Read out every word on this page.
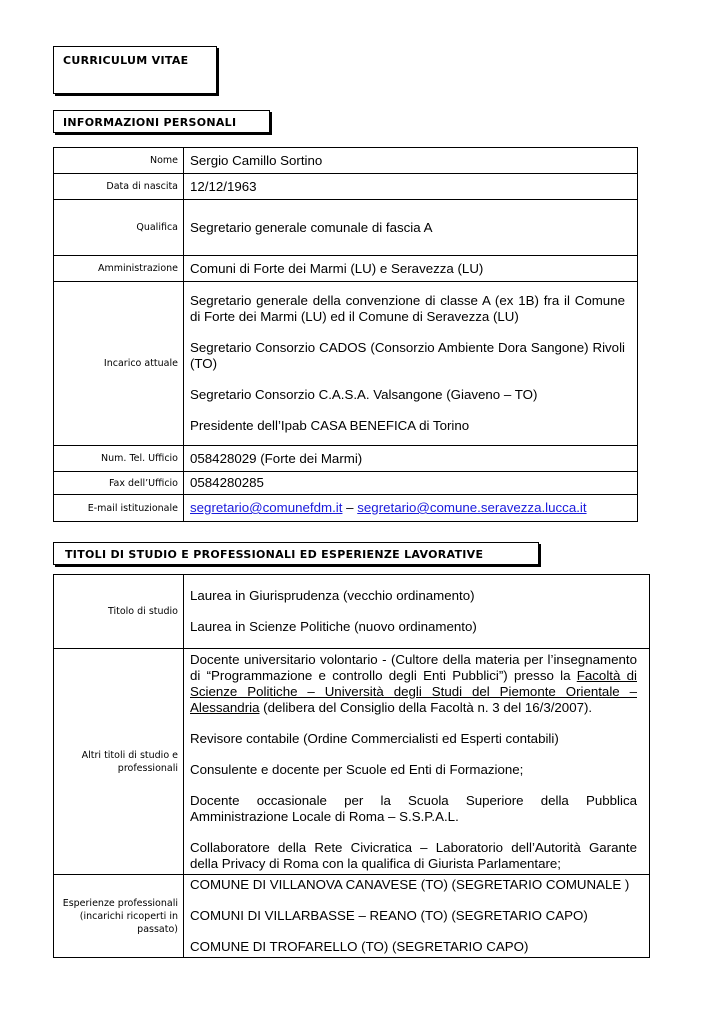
CURRICULUM VITAE
INFORMAZIONI PERSONALI
Nome	Sergio Camillo Sortino
Data di nascita	12/12/1963
Qualifica	Segretario generale comunale di fascia A
Amministrazione	Comuni di Forte dei Marmi (LU) e Seravezza (LU)
Incarico attuale	Segretario generale della convenzione di classe A (ex 1B) fra il Comune di Forte dei Marmi (LU) ed il Comune di Seravezza (LU)

Segretario Consorzio CADOS (Consorzio Ambiente Dora Sangone) Rivoli (TO)

Segretario Consorzio C.A.S.A. Valsangone (Giaveno – TO)

Presidente dell’Ipab CASA BENEFICA di Torino

Num. Tel. Ufficio	058428029 (Forte dei Marmi)
Fax dell’Ufficio	0584280285
E-mail istituzionale	segretario@comunefdm.it – segretario@comune.seravezza.lucca.it
TITOLI DI STUDIO E PROFESSIONALI ED ESPERIENZE LAVORATIVE
Titolo di studio	Laurea in Giurisprudenza (vecchio ordinamento)

Laurea in Scienze Politiche (nuovo ordinamento)

Altri titoli di studio e professionali	Docente universitario volontario - (Cultore della materia per l’insegnamento di “Programmazione e controllo degli Enti Pubblici”) presso la Facoltà di Scienze Politiche – Università degli Studi del Piemonte Orientale – Alessandria (delibera del Consiglio della Facoltà n. 3 del 16/3/2007).

Revisore contabile (Ordine Commercialisti ed Esperti contabili)

Consulente e docente per Scuole ed Enti di Formazione;

Docente occasionale per la Scuola Superiore della Pubblica Amministrazione Locale di Roma – S.S.P.A.L.

Collaboratore della Rete Civicratica – Laboratorio dell’Autorità Garante della Privacy di Roma con la qualifica di Giurista Parlamentare;

Esperienze professionali (incarichi ricoperti in passato)	COMUNE DI VILLANOVA CANAVESE (TO) (SEGRETARIO COMUNALE )

COMUNI DI VILLARBASSE – REANO (TO) (SEGRETARIO CAPO)

COMUNE DI TROFARELLO (TO) (SEGRETARIO CAPO)
